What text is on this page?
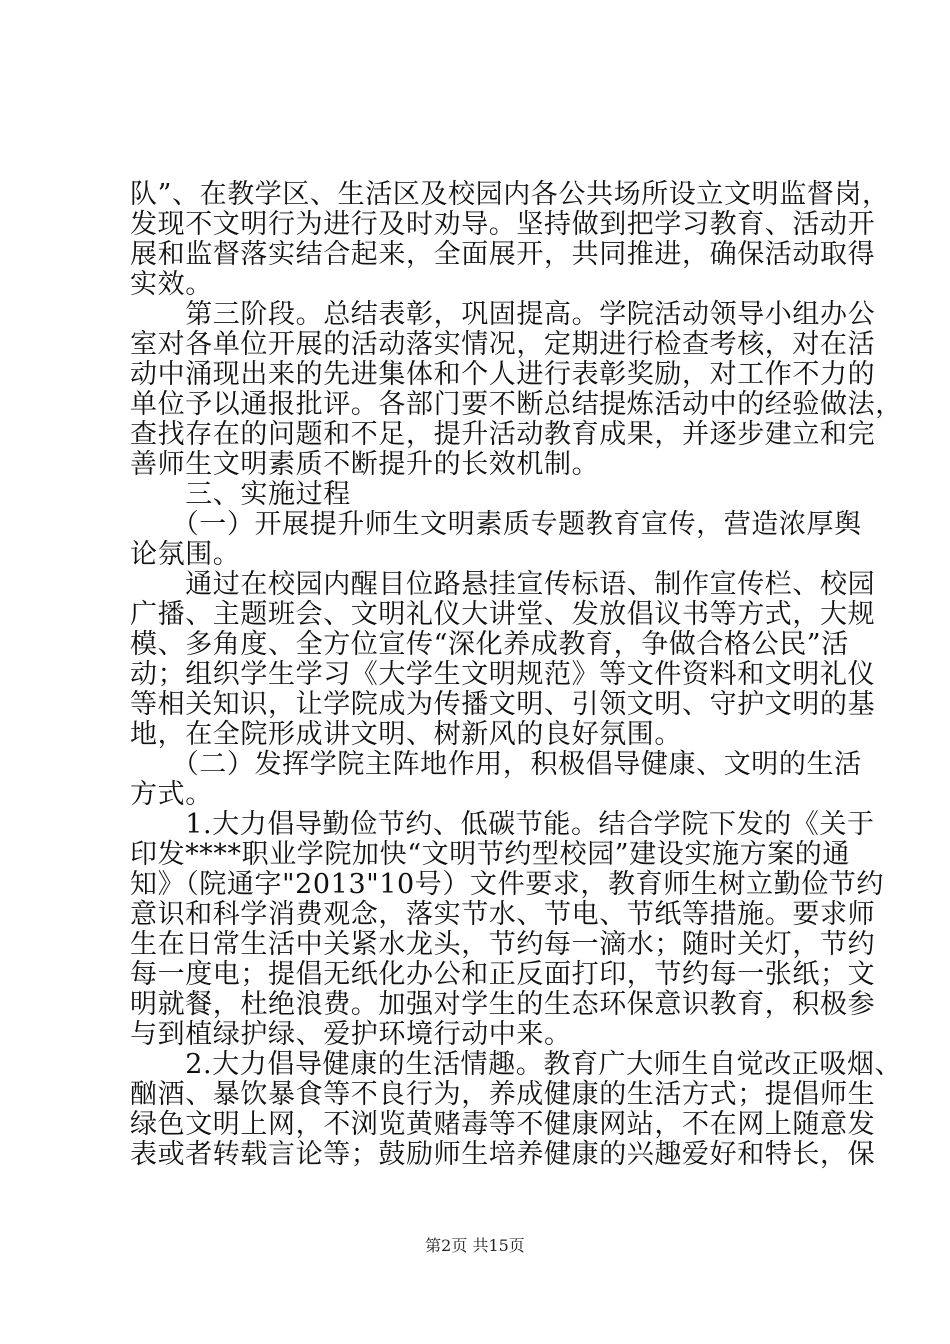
队”、在教学区、生活区及校园内各公共场所设立文明监督岗，
发现不文明行为进行及时劝导。坚持做到把学习教育、活动开
展和监督落实结合起来，全面展开，共同推进，确保活动取得
实效。
　　第三阶段。总结表彰，巩固提高。学院活动领导小组办公
室对各单位开展的活动落实情况，定期进行检查考核，对在活
动中涌现出来的先进集体和个人进行表彰奖励，对工作不力的
单位予以通报批评。各部门要不断总结提炼活动中的经验做法，
查找存在的问题和不足，提升活动教育成果，并逐步建立和完
善师生文明素质不断提升的长效机制。
　　三、实施过程
　　（一）开展提升师生文明素质专题教育宣传，营造浓厚舆
论氛围。
　　通过在校园内醒目位路悬挂宣传标语、制作宣传栏、校园
广播、主题班会、文明礼仪大讲堂、发放倡议书等方式，大规
模、多角度、全方位宣传“深化养成教育，争做合格公民”活
动；组织学生学习《大学生文明规范》等文件资料和文明礼仪
等相关知识，让学院成为传播文明、引领文明、守护文明的基
地，在全院形成讲文明、树新风的良好氛围。
　　（二）发挥学院主阵地作用，积极倡导健康、文明的生活
方式。
　　1.大力倡导勤俭节约、低碳节能。结合学院下发的《关于
印发****职业学院加快“文明节约型校园”建设实施方案的通
知》（院通字"2013"10号）文件要求，教育师生树立勤俭节约
意识和科学消费观念，落实节水、节电、节纸等措施。要求师
生在日常生活中关紧水龙头，节约每一滴水；随时关灯，节约
每一度电；提倡无纸化办公和正反面打印，节约每一张纸；文
明就餐，杜绝浪费。加强对学生的生态环保意识教育，积极参
与到植绿护绿、爱护环境行动中来。
　　2.大力倡导健康的生活情趣。教育广大师生自觉改正吸烟、
酗酒、暴饮暴食等不良行为，养成健康的生活方式；提倡师生
绿色文明上网，不浏览黄赌毒等不健康网站，不在网上随意发
表或者转载言论等；鼓励师生培养健康的兴趣爱好和特长，保
第2页 共15页
